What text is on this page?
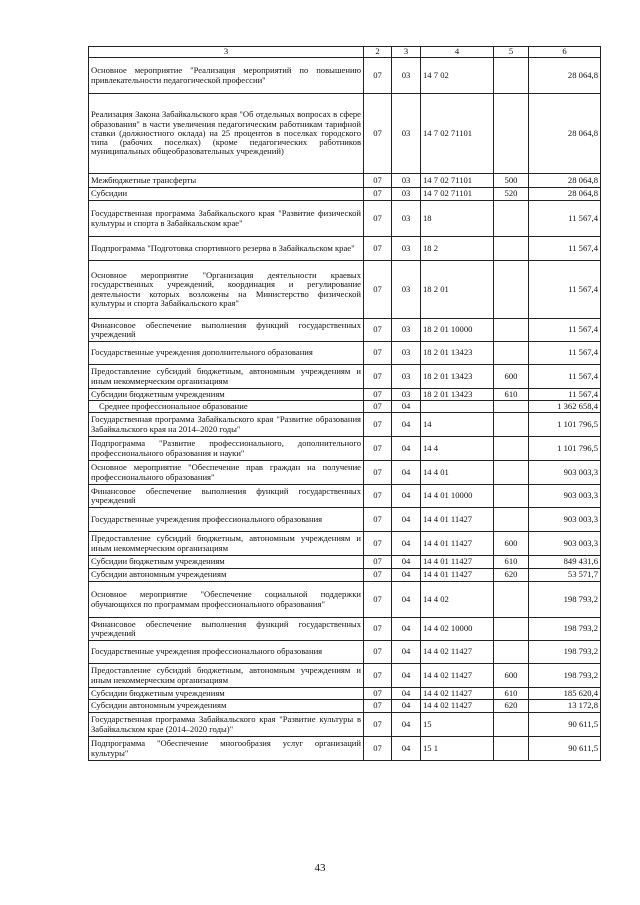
3	2	3	4	5	6
Основное мероприятие "Реализация мероприятий по повышению привлекательности педагогической профессии"	07	03	14 7 02		28 064,8
Реализация Закона Забайкальского края "Об отдельных вопросах в сфере образования" в части увеличения педагогическим работникам тарифной ставки (должностного оклада) на 25 процентов в поселках городского типа (рабочих поселках) (кроме педагогических работников муниципальных общеобразовательных учреждений)	07	03	14 7 02 71101		28 064,8
Межбюджетные трансферты	07	03	14 7 02 71101	500	28 064,8
Субсидии	07	03	14 7 02 71101	520	28 064,8
Государственная программа Забайкальского края "Развитие физической культуры и спорта в Забайкальском крае"	07	03	18		11 567,4
Подпрограмма "Подготовка спортивного резерва в Забайкальском крае"	07	03	18 2		11 567,4
Основное мероприятие "Организация деятельности краевых государственных учреждений, координация и регулирование деятельности которых возложены на Министерство физической культуры и спорта Забайкальского края"	07	03	18 2 01		11 567,4
Финансовое обеспечение выполнения функций государственных учреждений	07	03	18 2 01 10000		11 567,4
Государственные учреждения дополнительного образования	07	03	18 2 01 13423		11 567,4
Предоставление субсидий бюджетным, автономным учреждениям и иным некоммерческим организациям	07	03	18 2 01 13423	600	11 567,4
Субсидии бюджетным учреждениям	07	03	18 2 01 13423	610	11 567,4
Среднее профессиональное образование	07	04			1 362 658,4
Государственная программа Забайкальского края "Развитие образования Забайкальского края на 2014–2020 годы"	07	04	14		1 101 796,5
Подпрограмма "Развитие профессионального, дополнительного профессионального образования и науки"	07	04	14 4		1 101 796,5
Основное мероприятие "Обеспечение прав граждан на получение профессионального образования"	07	04	14 4 01		903 003,3
Финансовое обеспечение выполнения функций государственных учреждений	07	04	14 4 01 10000		903 003,3
Государственные учреждения профессионального образования	07	04	14 4 01 11427		903 003,3
Предоставление субсидий бюджетным, автономным учреждениям и иным некоммерческим организациям	07	04	14 4 01 11427	600	903 003,3
Субсидии бюджетным учреждениям	07	04	14 4 01 11427	610	849 431,6
Субсидии автономным учреждениям	07	04	14 4 01 11427	620	53 571,7
Основное мероприятие "Обеспечение социальной поддержки обучающихся по программам профессионального образования"	07	04	14 4 02		198 793,2
Финансовое обеспечение выполнения функций государственных учреждений	07	04	14 4 02 10000		198 793,2
Государственные учреждения профессионального образования	07	04	14 4 02 11427		198 793,2
Предоставление субсидий бюджетным, автономным учреждениям и иным некоммерческим организациям	07	04	14 4 02 11427	600	198 793,2
Субсидии бюджетным учреждениям	07	04	14 4 02 11427	610	185 620,4
Субсидии автономным учреждениям	07	04	14 4 02 11427	620	13 172,8
Государственная программа Забайкальского края "Развитие культуры в Забайкальском крае (2014–2020 годы)"	07	04	15		90 611,5
Подпрограмма "Обеспечение многообразия услуг организаций культуры"	07	04	15 1		90 611,5
43
